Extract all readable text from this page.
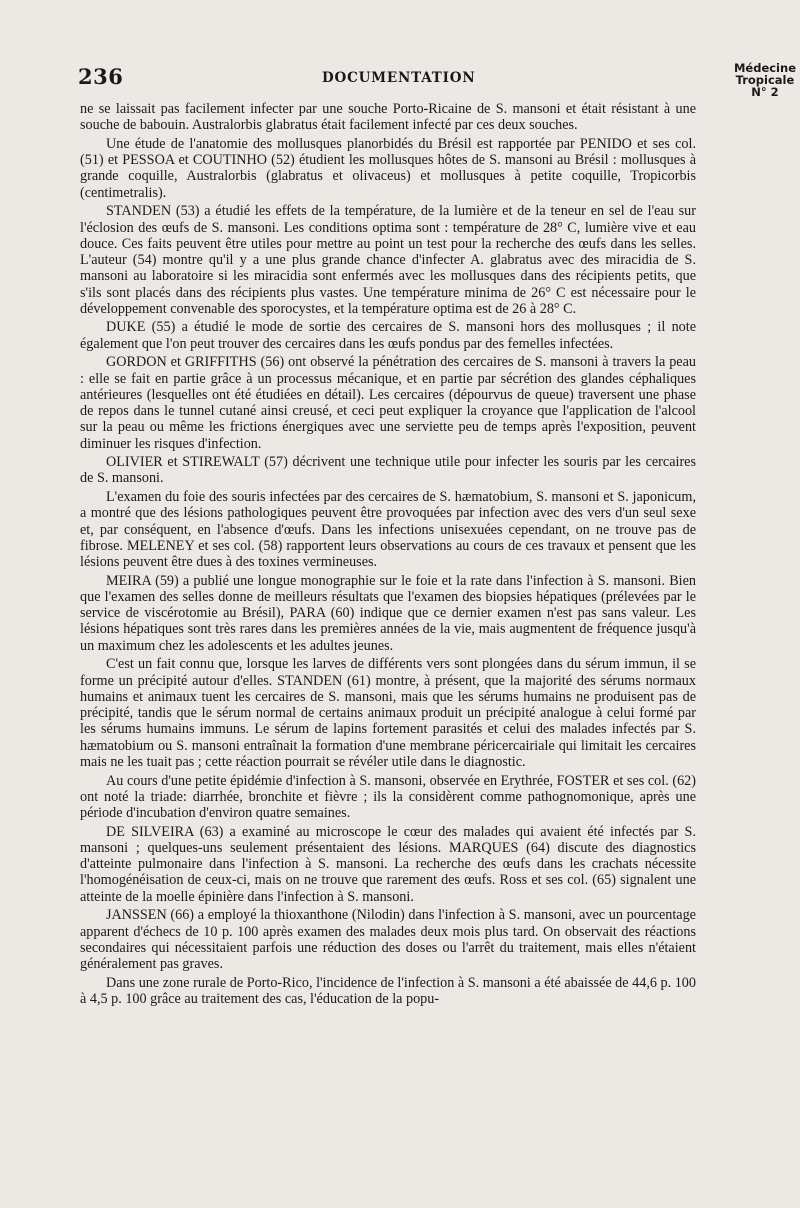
236	DOCUMENTATION
Médecine
Tropicale
N° 2

ne se laissait pas facilement infecter par une souche Porto-Ricaine de S. mansoni et était résistant à une souche de babouin. Australorbis glabratus était facilement infecté par ces deux souches.

Une étude de l'anatomie des mollusques planorbidés du Brésil est rapportée par PENIDO et ses col. (51) et PESSOA et COUTINHO (52) étudient les mollusques hôtes de S. mansoni au Brésil : mollusques à grande coquille, Australorbis (glabratus et olivaceus) et mollusques à petite coquille, Tropicorbis (centimetralis).

STANDEN (53) a étudié les effets de la température, de la lumière et de la teneur en sel de l'eau sur l'éclosion des œufs de S. mansoni. Les conditions optima sont : température de 28° C, lumière vive et eau douce. Ces faits peuvent être utiles pour mettre au point un test pour la recherche des œufs dans les selles. L'auteur (54) montre qu'il y a une plus grande chance d'infecter A. glabratus avec des miracidia de S. mansoni au laboratoire si les miracidia sont enfermés avec les mollusques dans des récipients petits, que s'ils sont placés dans des récipients plus vastes. Une température minima de 26° C est nécessaire pour le développement convenable des sporocystes, et la température optima est de 26 à 28° C.

DUKE (55) a étudié le mode de sortie des cercaires de S. mansoni hors des mollusques ; il note également que l'on peut trouver des cercaires dans les œufs pondus par des femelles infectées.

GORDON et GRIFFITHS (56) ont observé la pénétration des cercaires de S. mansoni à travers la peau : elle se fait en partie grâce à un processus mécanique, et en partie par sécrétion des glandes céphaliques antérieures (lesquelles ont été étudiées en détail). Les cercaires (dépourvus de queue) traversent une phase de repos dans le tunnel cutané ainsi creusé, et ceci peut expliquer la croyance que l'application de l'alcool sur la peau ou même les frictions énergiques avec une serviette peu de temps après l'exposition, peuvent diminuer les risques d'infection.

OLIVIER et STIREWALT (57) décrivent une technique utile pour infecter les souris par les cercaires de S. mansoni.

L'examen du foie des souris infectées par des cercaires de S. hæmatobium, S. mansoni et S. japonicum, a montré que des lésions pathologiques peuvent être provoquées par infection avec des vers d'un seul sexe et, par conséquent, en l'absence d'œufs. Dans les infections unisexuées cependant, on ne trouve pas de fibrose. MELENEY et ses col. (58) rapportent leurs observations au cours de ces travaux et pensent que les lésions peuvent être dues à des toxines vermineuses.

MEIRA (59) a publié une longue monographie sur le foie et la rate dans l'infection à S. mansoni. Bien que l'examen des selles donne de meilleurs résultats que l'examen des biopsies hépatiques (prélevées par le service de viscérotomie au Brésil), PARA (60) indique que ce dernier examen n'est pas sans valeur. Les lésions hépatiques sont très rares dans les premières années de la vie, mais augmentent de fréquence jusqu'à un maximum chez les adolescents et les adultes jeunes.

C'est un fait connu que, lorsque les larves de différents vers sont plongées dans du sérum immun, il se forme un précipité autour d'elles. STANDEN (61) montre, à présent, que la majorité des sérums normaux humains et animaux tuent les cercaires de S. mansoni, mais que les sérums humains ne produisent pas de précipité, tandis que le sérum normal de certains animaux produit un précipité analogue à celui formé par les sérums humains immuns. Le sérum de lapins fortement parasités et celui des malades infectés par S. hæmatobium ou S. mansoni entraînait la formation d'une membrane péricercairiale qui limitait les cercaires mais ne les tuait pas ; cette réaction pourrait se révéler utile dans le diagnostic.

Au cours d'une petite épidémie d'infection à S. mansoni, observée en Erythrée, FOSTER et ses col. (62) ont noté la triade: diarrhée, bronchite et fièvre ; ils la considèrent comme pathognomonique, après une période d'incubation d'environ quatre semaines.

DE SILVEIRA (63) a examiné au microscope le cœur des malades qui avaient été infectés par S. mansoni ; quelques-uns seulement présentaient des lésions. MARQUES (64) discute des diagnostics d'atteinte pulmonaire dans l'infection à S. mansoni. La recherche des œufs dans les crachats nécessite l'homogénéisation de ceux-ci, mais on ne trouve que rarement des œufs. Ross et ses col. (65) signalent une atteinte de la moelle épinière dans l'infection à S. mansoni.

JANSSEN (66) a employé la thioxanthone (Nilodin) dans l'infection à S. mansoni, avec un pourcentage apparent d'échecs de 10 p. 100 après examen des malades deux mois plus tard. On observait des réactions secondaires qui nécessitaient parfois une réduction des doses ou l'arrêt du traitement, mais elles n'étaient généralement pas graves.

Dans une zone rurale de Porto-Rico, l'incidence de l'infection à S. mansoni a été abaissée de 44,6 p. 100 à 4,5 p. 100 grâce au traitement des cas, l'éducation de la popu-
